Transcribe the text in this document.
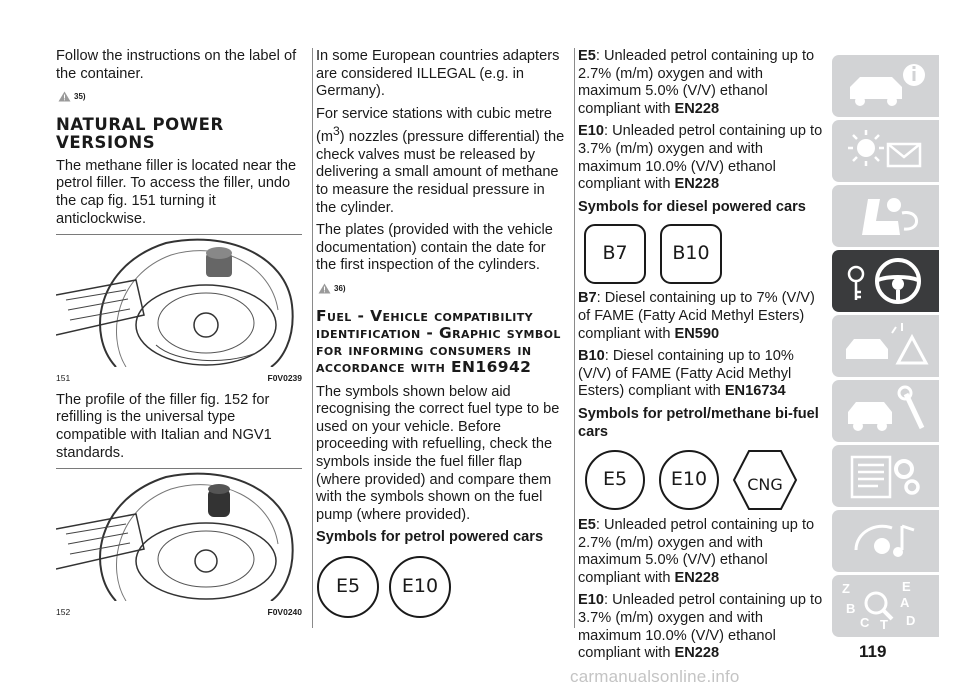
Follow the instructions on the label of the container.

35)
NATURAL POWER VERSIONS

The methane filler is located near the petrol filler. To access the filler, undo the cap fig. 151 turning it anticlockwise.

151	F0V0239

The profile of the filler fig. 152 for refilling is the universal type compatible with Italian and NGV1 standards.

152	F0V0240

In some European countries adapters are considered ILLEGAL (e.g. in Germany).

For service stations with cubic metre $(m^3)$ nozzles (pressure differential) the check valves must be released by delivering a small amount of methane to measure the residual pressure in the cylinder.

The plates (provided with the vehicle documentation) contain the date for the first inspection of the cylinders.

36)
Fuel - Vehicle compatibility identification - Graphic symbol for informing consumers in accordance with EN16942

The symbols shown below aid recognising the correct fuel type to be used on your vehicle. Before proceeding with refuelling, check the symbols inside the fuel filler flap (where provided) and compare them with the symbols shown on the fuel pump (where provided).

Symbols for petrol powered cars
E5	E10

E5: Unleaded petrol containing up to 2.7% (m/m) oxygen and with maximum 5.0% (V/V) ethanol compliant with EN228

E10: Unleaded petrol containing up to 3.7% (m/m) oxygen and with maximum 10.0% (V/V) ethanol compliant with EN228

Symbols for diesel powered cars
B7	B10

B7: Diesel containing up to 7% (V/V) of FAME (Fatty Acid Methyl Esters) compliant with EN590

B10: Diesel containing up to 10% (V/V) of FAME (Fatty Acid Methyl Esters) compliant with EN16734

Symbols for petrol/methane bi-fuel cars
E5	E10	CNG

E5: Unleaded petrol containing up to 2.7% (m/m) oxygen and with maximum 5.0% (V/V) ethanol compliant with EN228

E10: Unleaded petrol containing up to 3.7% (m/m) oxygen and with maximum 10.0% (V/V) ethanol compliant with EN228

Z	E
A
B
C T D
119
carmanualsonline.info
